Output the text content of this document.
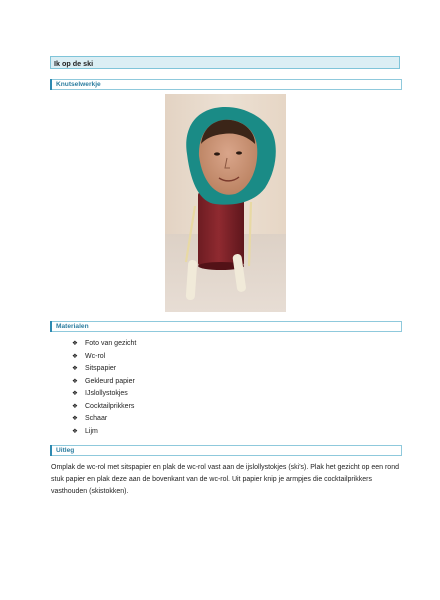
Ik op de ski
Knutselwerkje
Materialen
❖ Foto van gezicht
❖ Wc-rol
❖ Sitspapier
❖ Gekleurd papier
❖ IJslollystokjes
❖ Cocktailprikkers
❖ Schaar
❖ Lijm
Uitleg

Omplak de wc-rol met sitspapier en plak de wc-rol vast aan de ijslollystokjes (ski's). Plak het gezicht op een rond stuk papier en plak deze aan de bovenkant van de wc-rol. Uit papier knip je armpjes die cocktailprikkers vasthouden (skistokken).
